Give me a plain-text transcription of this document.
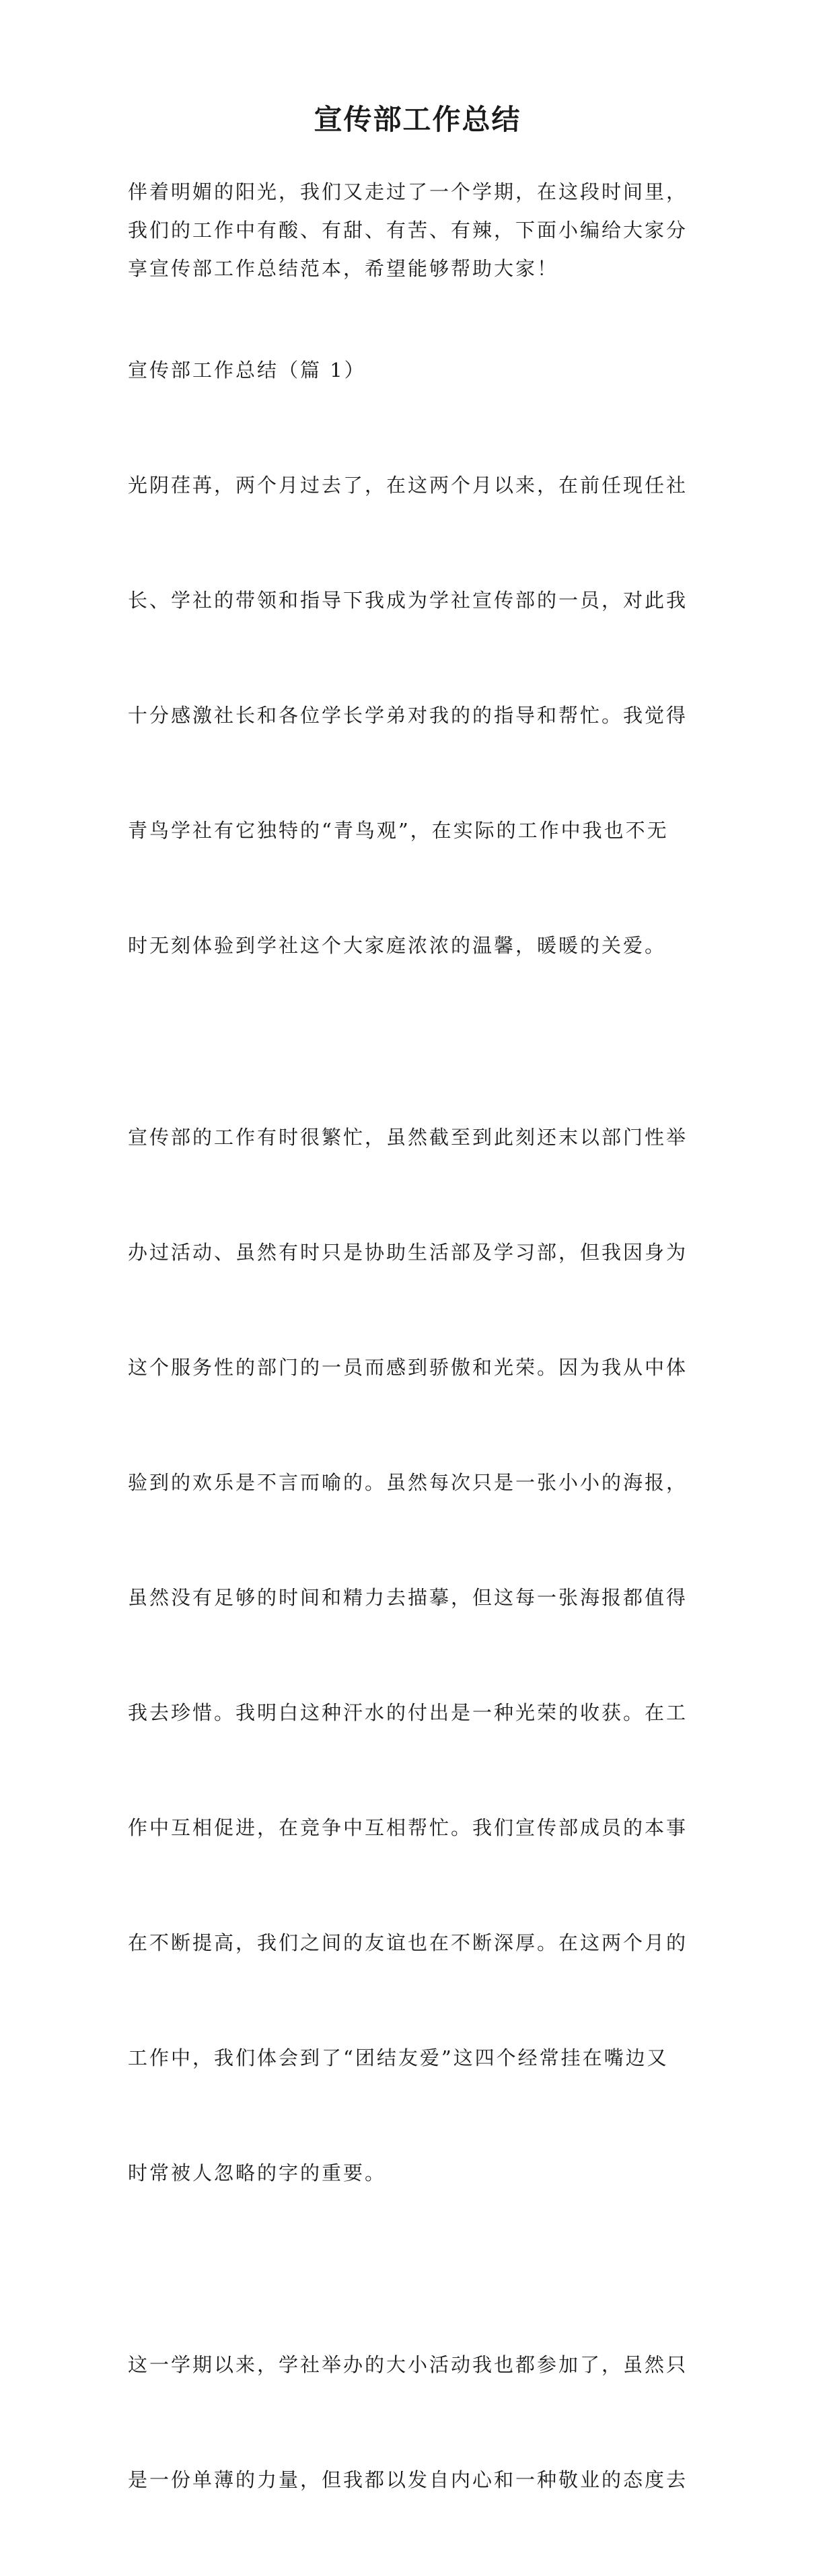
宣传部工作总结
伴着明媚的阳光，我们又走过了一个学期，在这段时间里，
我们的工作中有酸、有甜、有苦、有辣，下面小编给大家分
享宣传部工作总结范本，希望能够帮助大家！
宣传部工作总结（篇 1）

光阴荏苒，两个月过去了，在这两个月以来，在前任现任社

长、学社的带领和指导下我成为学社宣传部的一员，对此我

十分感激社长和各位学长学弟对我的的指导和帮忙。我觉得

青鸟学社有它独特的“青鸟观”，在实际的工作中我也不无

时无刻体验到学社这个大家庭浓浓的温馨，暖暖的关爱。

宣传部的工作有时很繁忙，虽然截至到此刻还末以部门性举

办过活动、虽然有时只是协助生活部及学习部，但我因身为

这个服务性的部门的一员而感到骄傲和光荣。因为我从中体

验到的欢乐是不言而喻的。虽然每次只是一张小小的海报，

虽然没有足够的时间和精力去描摹，但这每一张海报都值得

我去珍惜。我明白这种汗水的付出是一种光荣的收获。在工

作中互相促进，在竞争中互相帮忙。我们宣传部成员的本事

在不断提高，我们之间的友谊也在不断深厚。在这两个月的

工作中，我们体会到了“团结友爱”这四个经常挂在嘴边又

时常被人忽略的字的重要。

这一学期以来，学社举办的大小活动我也都参加了，虽然只

是一份单薄的力量，但我都以发自内心和一种敬业的态度去
